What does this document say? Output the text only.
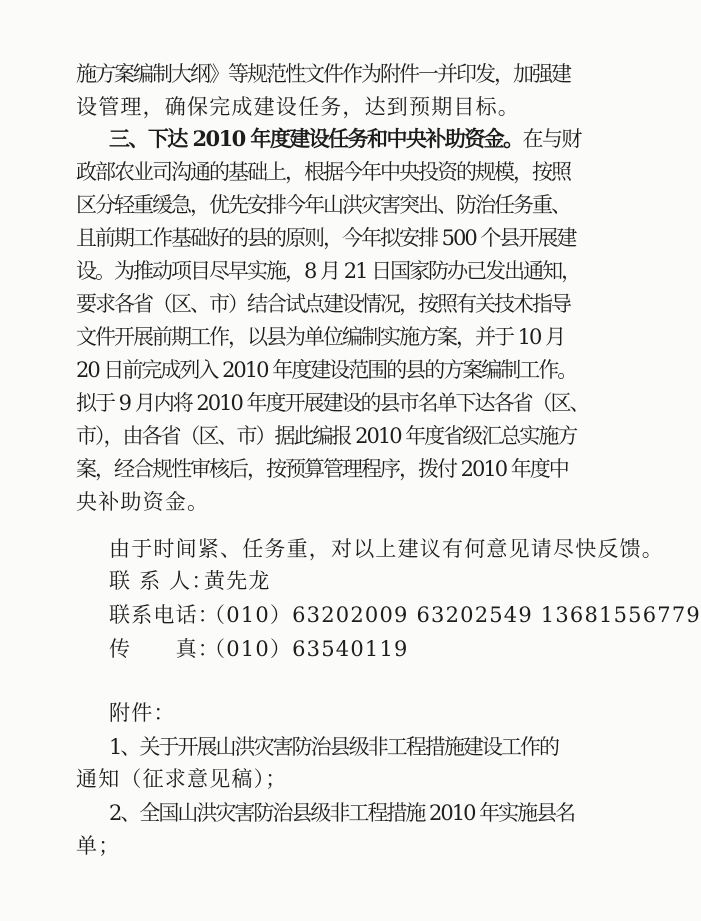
施方案编制大纲》等规范性文件作为附件一并印发，加强建
设管理，确保完成建设任务，达到预期目标。
三、下达 2010 年度建设任务和中央补助资金。在与财
政部农业司沟通的基础上，根据今年中央投资的规模，按照
区分轻重缓急，优先安排今年山洪灾害突出、防治任务重、
且前期工作基础好的县的原则，今年拟安排 500 个县开展建
设。为推动项目尽早实施，8 月 21 日国家防办已发出通知，
要求各省（区、市）结合试点建设情况，按照有关技术指导
文件开展前期工作，以县为单位编制实施方案，并于 10 月
20 日前完成列入 2010 年度建设范围的县的方案编制工作。
拟于 9 月内将 2010 年度开展建设的县市名单下达各省（区、
市），由各省（区、市）据此编报 2010 年度省级汇总实施方
案，经合规性审核后，按预算管理程序，拨付 2010 年度中
央补助资金。
由于时间紧、任务重，对以上建议有何意见请尽快反馈。
联 系 人：
黄先龙
联系电话：
（010）63202009 63202549 13681556779
传　　真：
（010）63540119
附件：
1、关于开展山洪灾害防治县级非工程措施建设工作的
通知（征求意见稿）；
2、全国山洪灾害防治县级非工程措施 2010 年实施县名
单；
